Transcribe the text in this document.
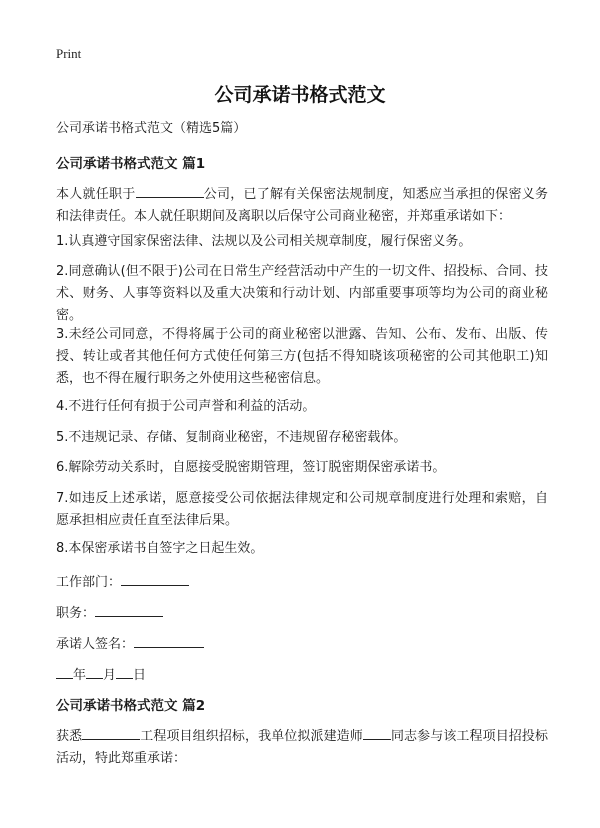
Print
公司承诺书格式范文

公司承诺书格式范文（精选5篇）

公司承诺书格式范文 篇1

本人就任职于	公司，已了解有关保密法规制度，知悉应当承担的保密义务和法律责任。本人就任职期间及离职以后保守公司商业秘密，并郑重承诺如下：

1.认真遵守国家保密法律、法规以及公司相关规章制度，履行保密义务。

2.同意确认(但不限于)公司在日常生产经营活动中产生的一切文件、招投标、合同、技术、财务、人事等资料以及重大决策和行动计划、内部重要事项等均为公司的商业秘密。

3.未经公司同意，不得将属于公司的商业秘密以泄露、告知、公布、发布、出版、传授、转让或者其他任何方式使任何第三方(包括不得知晓该项秘密的公司其他职工)知悉，也不得在履行职务之外使用这些秘密信息。

4.不进行任何有损于公司声誉和利益的活动。

5.不违规记录、存储、复制商业秘密，不违规留存秘密载体。

6.解除劳动关系时，自愿接受脱密期管理，签订脱密期保密承诺书。

7.如违反上述承诺，愿意接受公司依据法律规定和公司规章制度进行处理和索赔，自愿承担相应责任直至法律后果。

8.本保密承诺书自签字之日起生效。

工作部门：

职务：

承诺人签名：

年 月 日

公司承诺书格式范文 篇2

获悉	工程项目组织招标，我单位拟派建造师 同志参与该工程项目招投标活动，特此郑重承诺：
